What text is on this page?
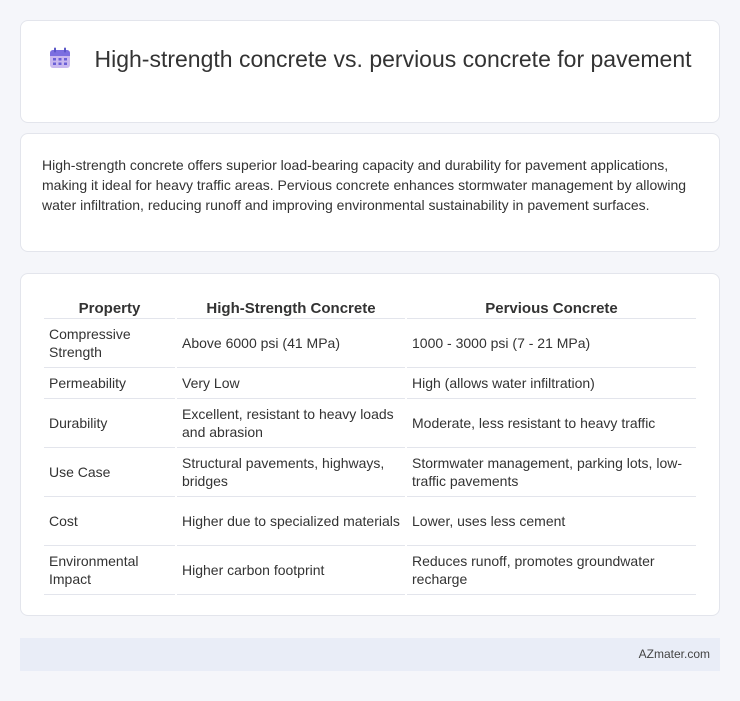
High-strength concrete vs. pervious concrete for pavement

High-strength concrete offers superior load-bearing capacity and durability for pavement applications, making it ideal for heavy traffic areas. Pervious concrete enhances stormwater management by allowing water infiltration, reducing runoff and improving environmental sustainability in pavement surfaces.

Property	High-Strength Concrete	Pervious Concrete
Compressive Strength	Above 6000 psi (41 MPa)	1000 - 3000 psi (7 - 21 MPa)
Permeability	Very Low	High (allows water infiltration)
Durability	Excellent, resistant to heavy loads and abrasion	Moderate, less resistant to heavy traffic
Use Case	Structural pavements, highways, bridges	Stormwater management, parking lots, low-traffic pavements
Cost	Higher due to specialized materials	Lower, uses less cement
Environmental Impact	Higher carbon footprint	Reduces runoff, promotes groundwater recharge
AZmater.com
